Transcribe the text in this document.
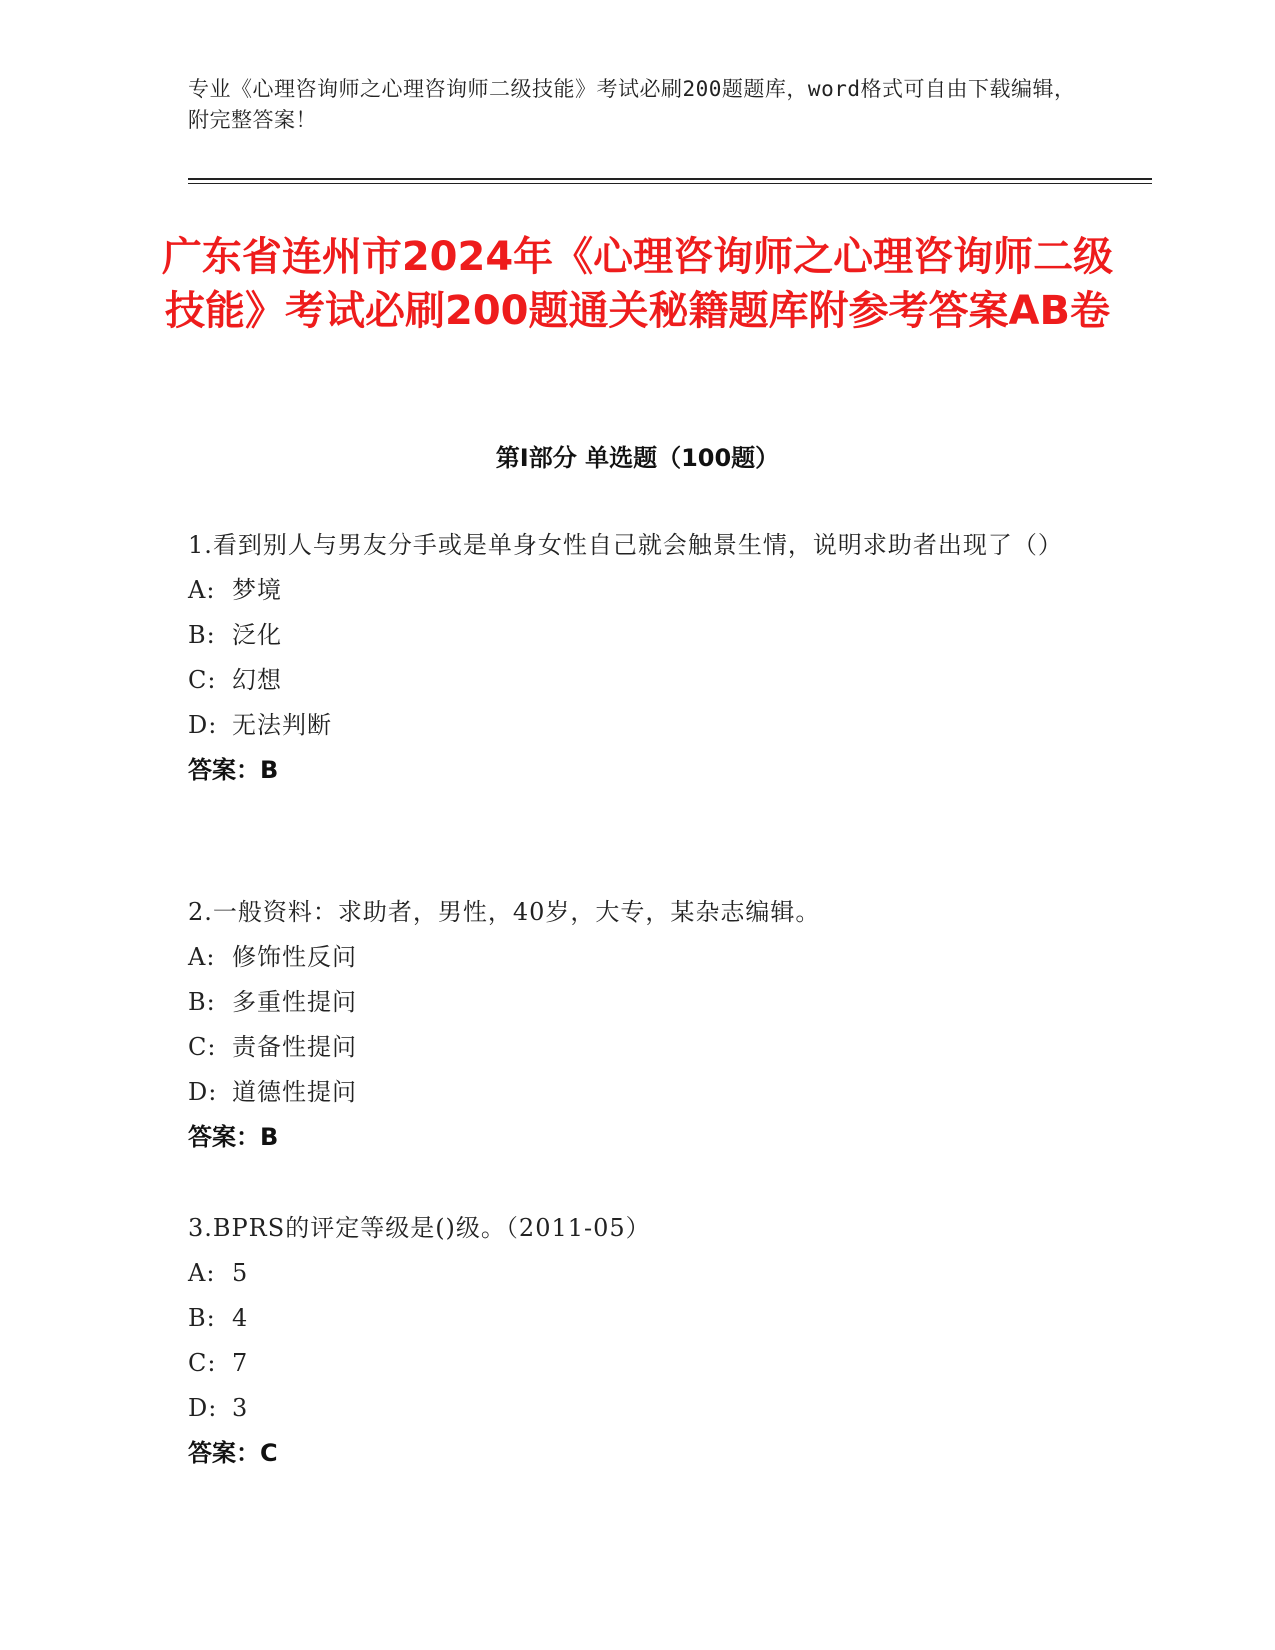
专业《心理咨询师之心理咨询师二级技能》考试必刷200题题库，word格式可自由下载编辑，附完整答案！
广东省连州市2024年《心理咨询师之心理咨询师二级技能》考试必刷200题通关秘籍题库附参考答案AB卷
第Ⅰ部分 单选题（100题）
1.看到别人与男友分手或是单身女性自己就会触景生情，说明求助者出现了（）
A: 梦境
B: 泛化
C: 幻想
D: 无法判断
答案：B
2.一般资料：求助者，男性，40岁，大专，某杂志编辑。
A: 修饰性反问
B: 多重性提问
C: 责备性提问
D: 道德性提问
答案：B
3.BPRS的评定等级是()级。（2011-05）
A: 5
B: 4
C: 7
D: 3
答案：C
